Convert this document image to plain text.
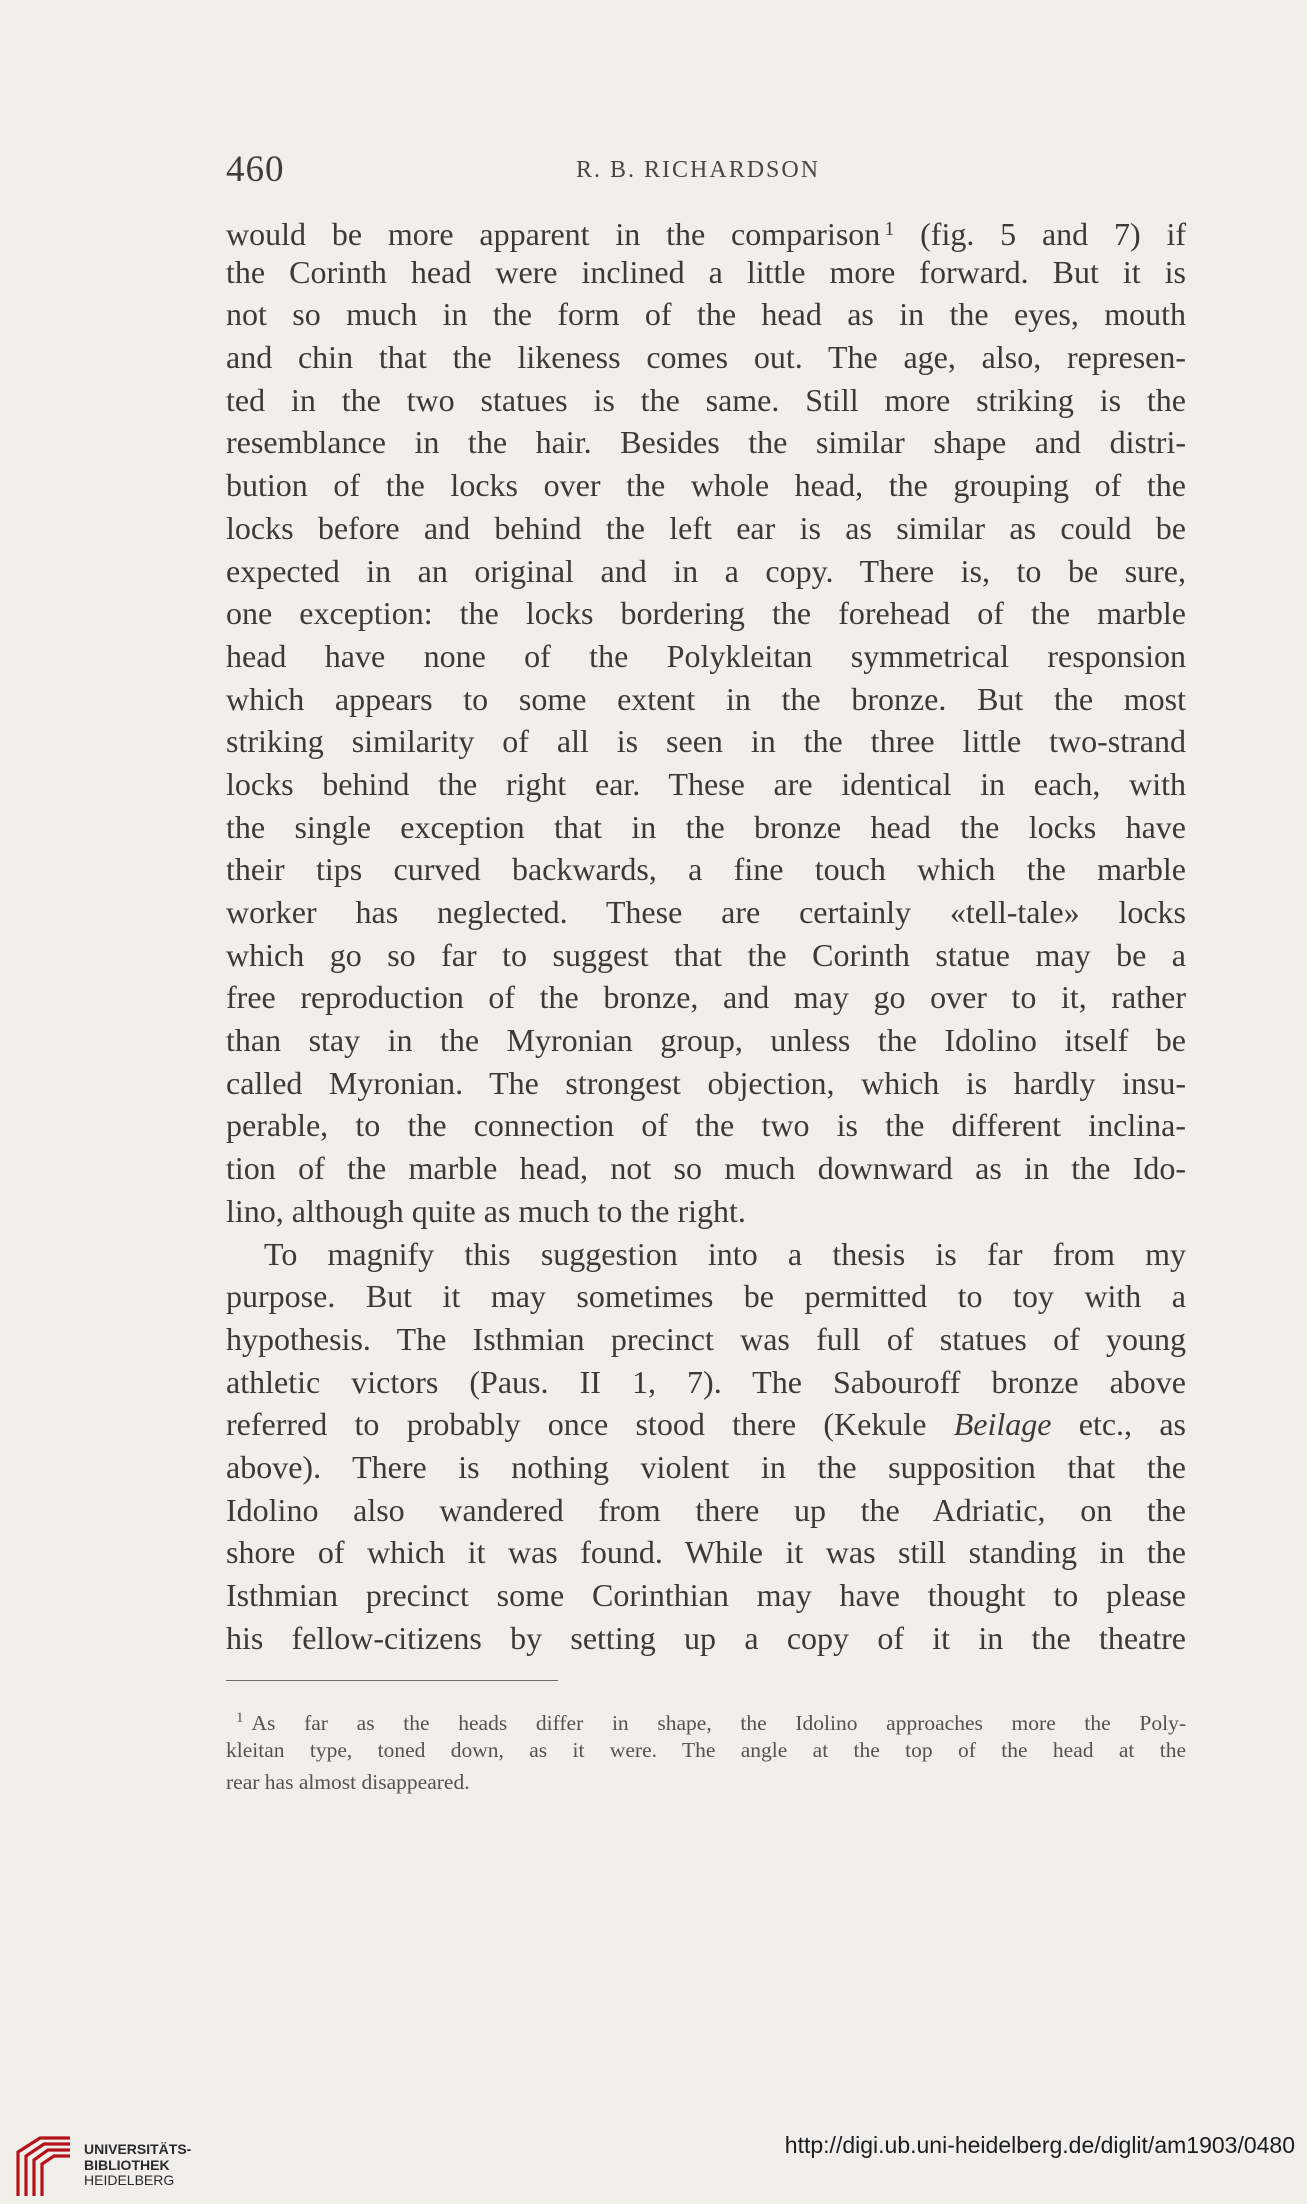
460	R. B. RICHARDSON
would be more apparent in the comparison $^1$ (fig. 5 and 7) if
the Corinth head were inclined a little more forward. But it is
not so much in the form of the head as in the eyes, mouth
and chin that the likeness comes out. The age, also, represen-
ted in the two statues is the same. Still more striking is the
resemblance in the hair. Besides the similar shape and distri-
bution of the locks over the whole head, the grouping of the
locks before and behind the left ear is as similar as could be
expected in an original and in a copy. There is, to be sure,
one exception: the locks bordering the forehead of the marble
head have none of the Polykleitan symmetrical responsion
which appears to some extent in the bronze. But the most
striking similarity of all is seen in the three little two-strand
locks behind the right ear. These are identical in each, with
the single exception that in the bronze head the locks have
their tips curved backwards, a fine touch which the marble
worker has neglected. These are certainly «tell-tale» locks
which go so far to suggest that the Corinth statue may be a
free reproduction of the bronze, and may go over to it, rather
than stay in the Myronian group, unless the Idolino itself be
called Myronian. The strongest objection, which is hardly insu-
perable, to the connection of the two is the different inclina-
tion of the marble head, not so much downward as in the Ido-
lino, although quite as much to the right.
To magnify this suggestion into a thesis is far from my
purpose. But it may sometimes be permitted to toy with a
hypothesis. The Isthmian precinct was full of statues of young
athletic victors (Paus. II 1, 7). The Sabouroff bronze above
referred to probably once stood there (Kekule Beilage etc., as
above). There is nothing violent in the supposition that the
Idolino also wandered from there up the Adriatic, on the
shore of which it was found. While it was still standing in the
Isthmian precinct some Corinthian may have thought to please
his fellow-citizens by setting up a copy of it in the theatre
$^1$ As far as the heads differ in shape, the Idolino approaches more the Poly-
kleitan type, toned down, as it were. The angle at the top of the head at the
rear has almost disappeared.
UNIVERSITÄTS-
BIBLIOTHEK
HEIDELBERG
http://digi.ub.uni-heidelberg.de/diglit/am1903/0480
